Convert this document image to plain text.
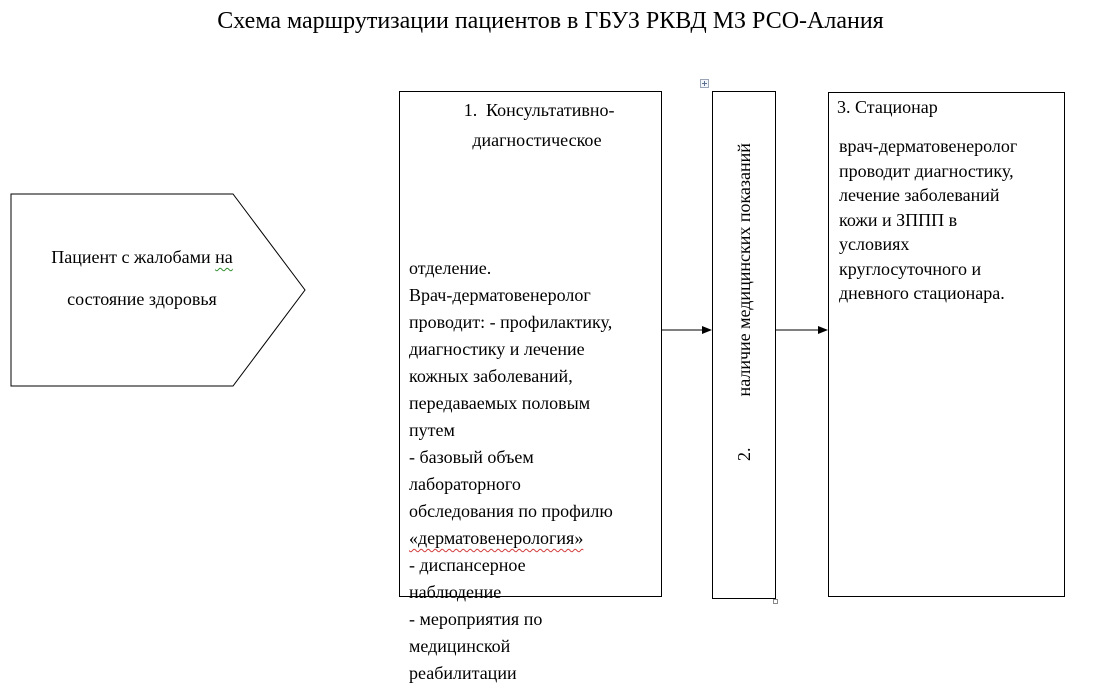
Схема маршрутизации пациентов в ГБУЗ РКВД МЗ РСО-Алания
Пациент с жалобами на
состояние здоровья
1. Консультативно-
диагностическое
отделение.
Врач-дерматовенеролог
проводит: - профилактику,
диагностику и лечение
кожных заболеваний,
передаваемых половым
путем
- базовый объем
лабораторного
обследования по профилю
«дерматовенерология»
- диспансерное
наблюдение
- мероприятия по
медицинской
реабилитации
2. наличие медицинских показаний
3. Стационар
врач-дерматовенеролог
проводит диагностику,
лечение заболеваний
кожи и ЗППП в
условиях
круглосуточного и
дневного стационара.
